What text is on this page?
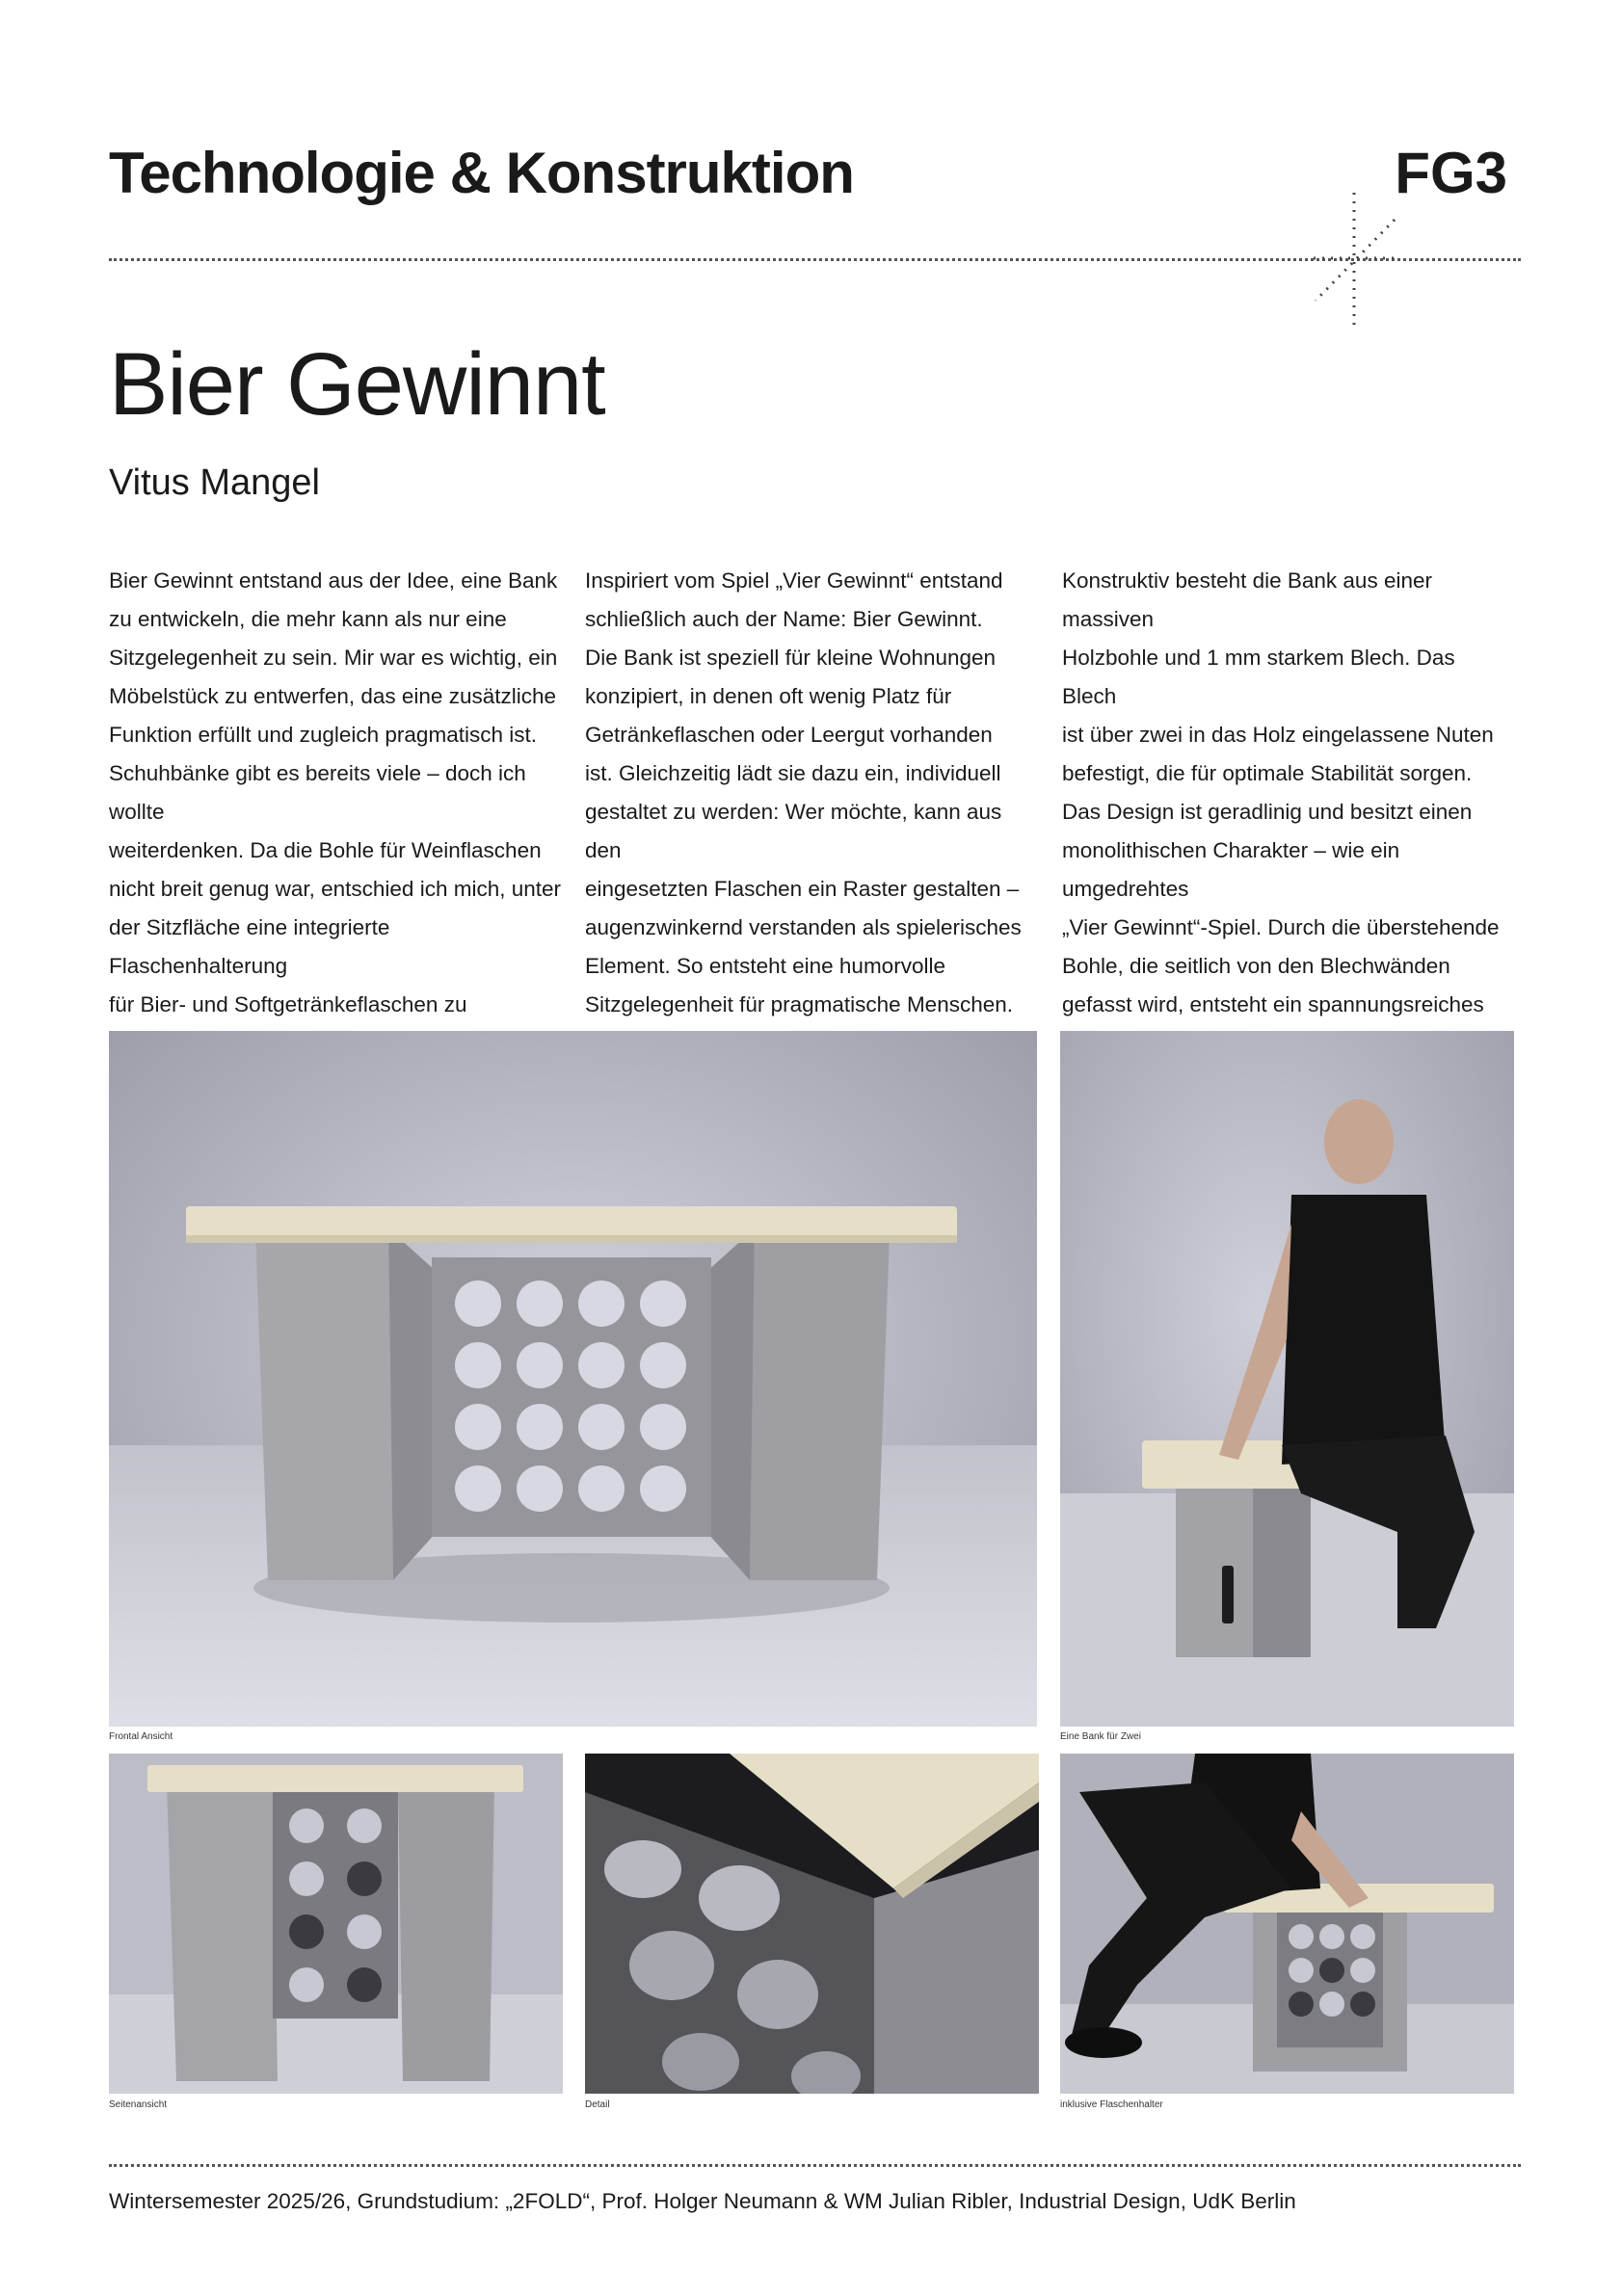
Technologie & Konstruktion	FG3
Bier Gewinnt
Vitus Mangel
Bier Gewinnt entstand aus der Idee, eine Bank
zu entwickeln, die mehr kann als nur eine
Sitzgelegenheit zu sein. Mir war es wichtig, ein
Möbelstück zu entwerfen, das eine zusätzliche
Funktion erfüllt und zugleich pragmatisch ist.
Schuhbänke gibt es bereits viele – doch ich wollte
weiterdenken. Da die Bohle für Weinflaschen
nicht breit genug war, entschied ich mich, unter
der Sitzfläche eine integrierte Flaschenhalterung
für Bier- und Softgetränkeflaschen zu
Inspiriert vom Spiel „Vier Gewinnt“ entstand
schließlich auch der Name: Bier Gewinnt.
Die Bank ist speziell für kleine Wohnungen
konzipiert, in denen oft wenig Platz für
Getränkeflaschen oder Leergut vorhanden
ist. Gleichzeitig lädt sie dazu ein, individuell
gestaltet zu werden: Wer möchte, kann aus den
eingesetzten Flaschen ein Raster gestalten –
augenzwinkernd verstanden als spielerisches
Element. So entsteht eine humorvolle
Sitzgelegenheit für pragmatische Menschen.
Konstruktiv besteht die Bank aus einer massiven
Holzbohle und 1 mm starkem Blech. Das Blech
ist über zwei in das Holz eingelassene Nuten
befestigt, die für optimale Stabilität sorgen.
Das Design ist geradlinig und besitzt einen
monolithischen Charakter – wie ein umgedrehtes
„Vier Gewinnt“-Spiel. Durch die überstehende
Bohle, die seitlich von den Blechwänden
gefasst wird, entsteht ein spannungsreiches
Frontal Ansicht	Eine Bank für Zwei
Seitenansicht	Detail	inklusive Flaschenhalter
Wintersemester 2025/26, Grundstudium: „2FOLD“, Prof. Holger Neumann & WM Julian Ribler, Industrial Design, UdK Berlin
